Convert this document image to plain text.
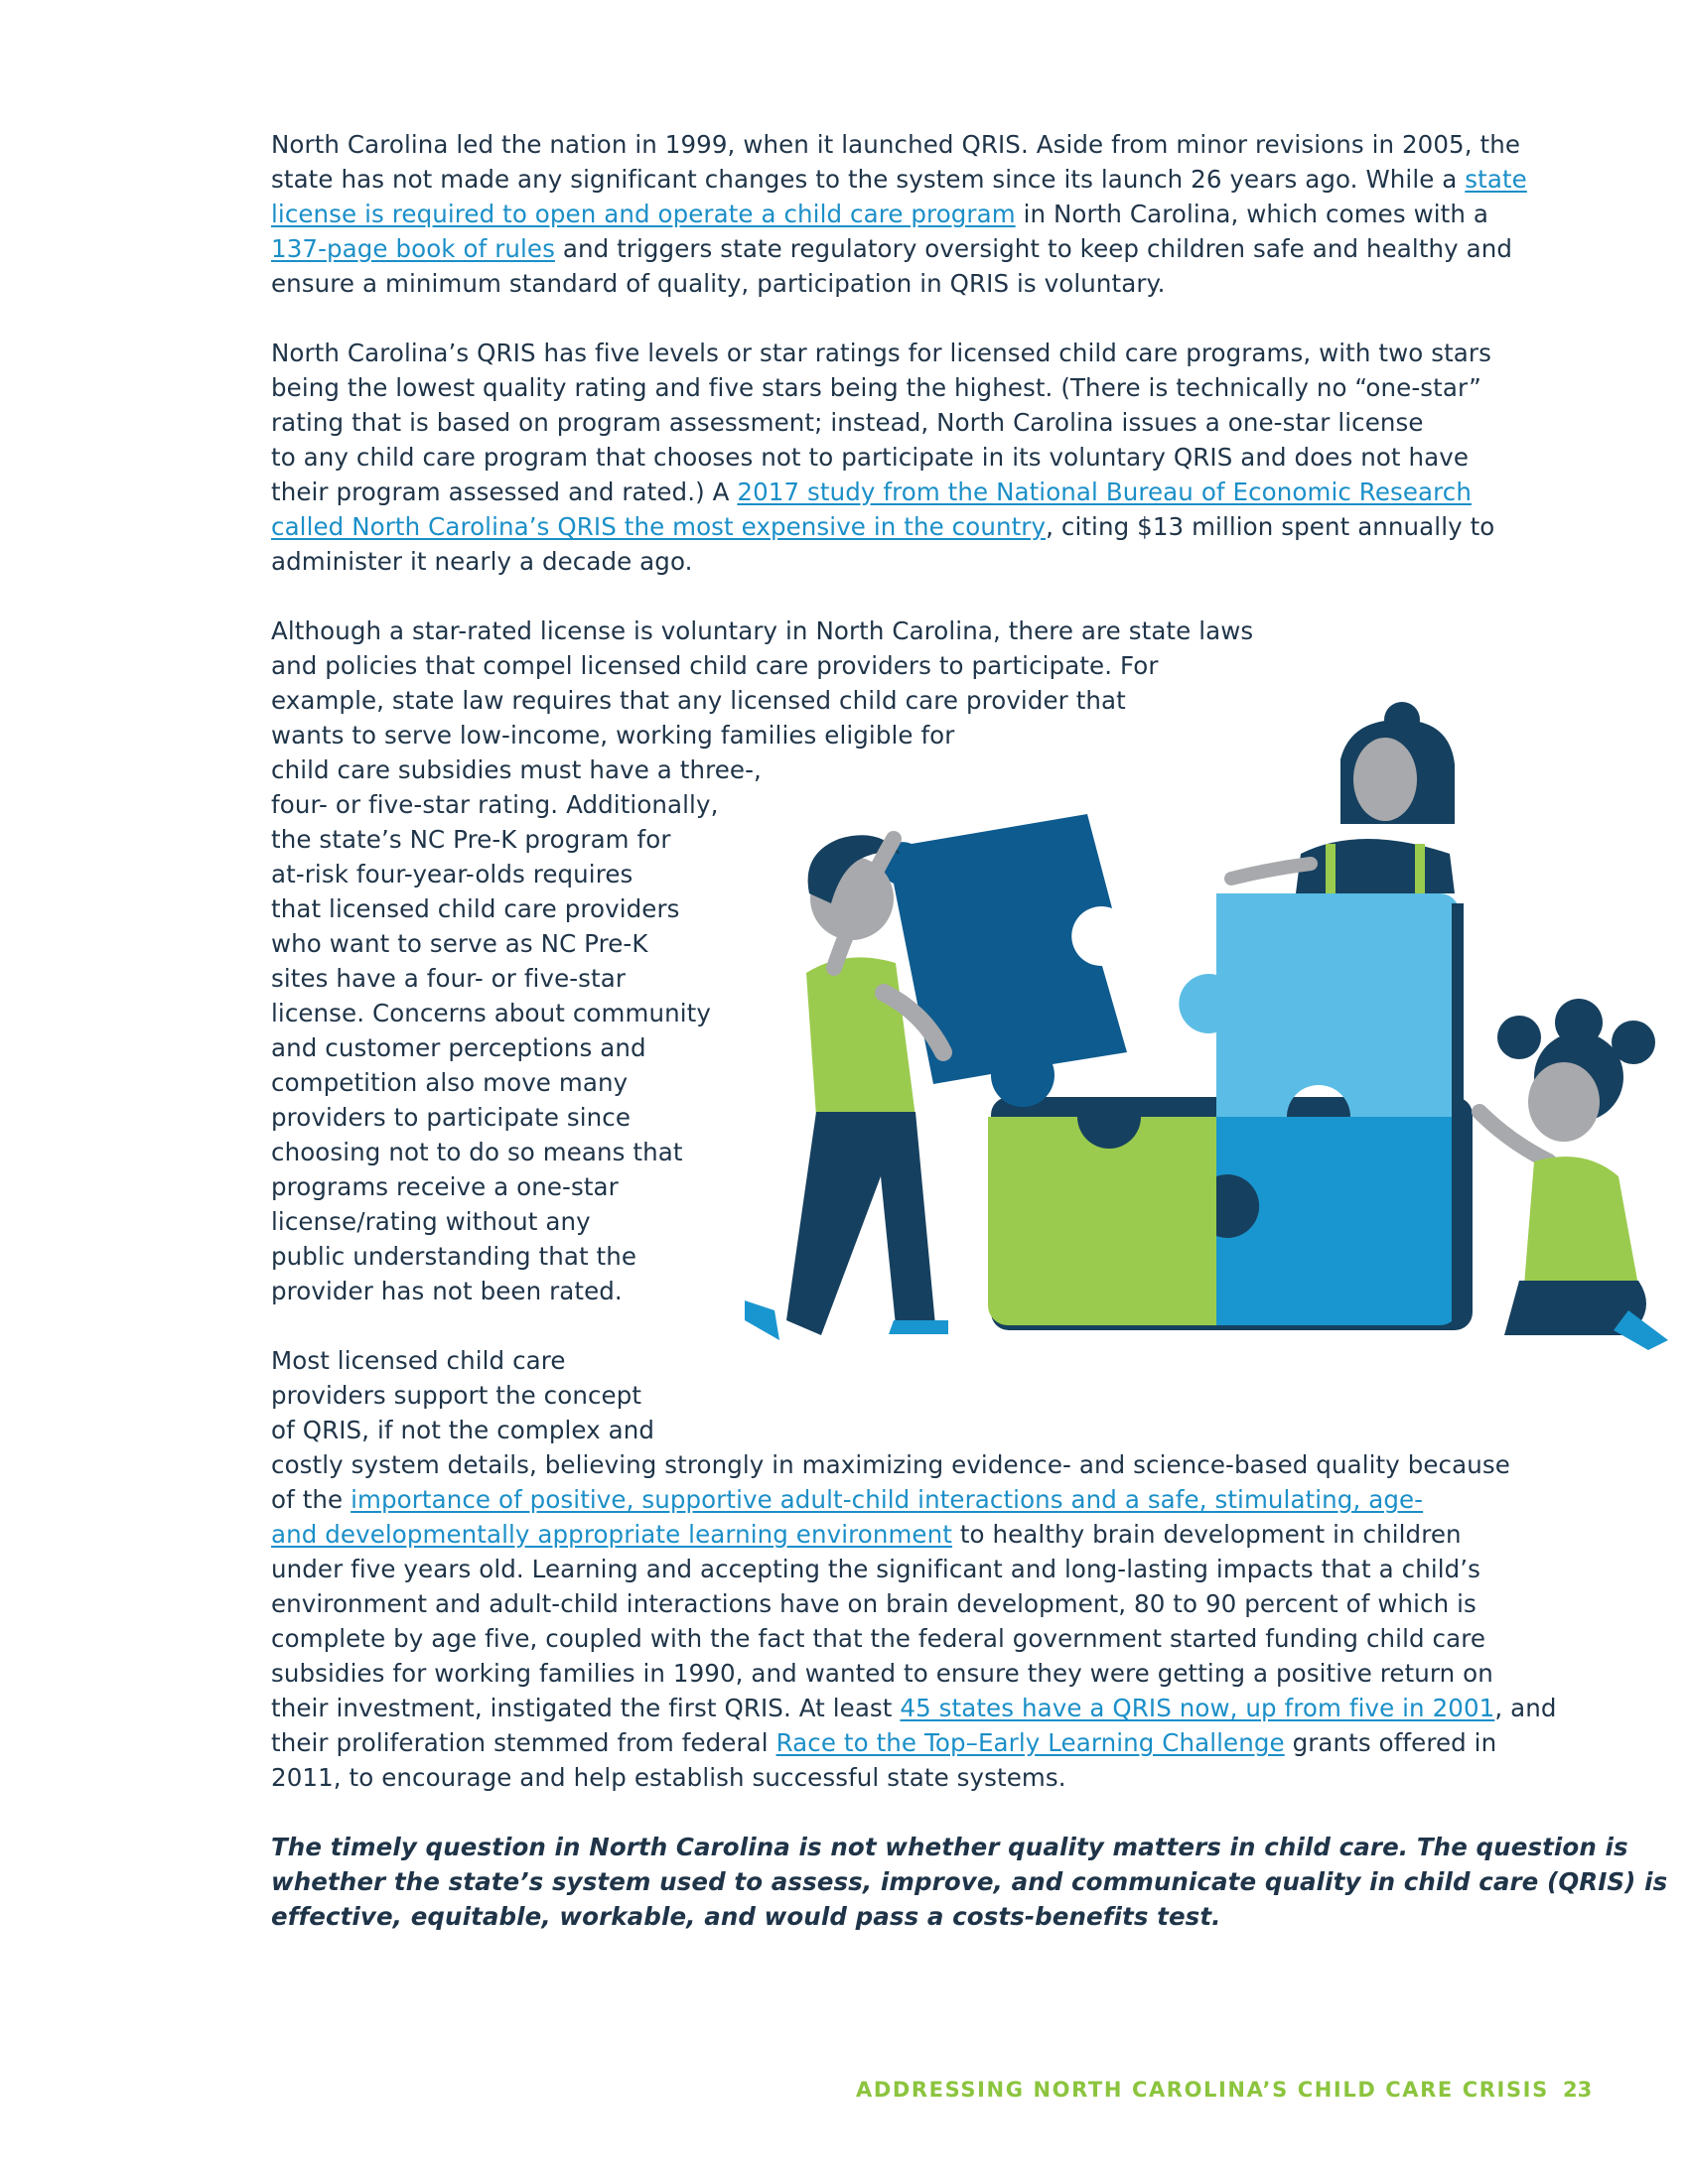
North Carolina led the nation in 1999, when it launched QRIS. Aside from minor revisions in 2005, the
state has not made any significant changes to the system since its launch 26 years ago. While a state
license is required to open and operate a child care program in North Carolina, which comes with a
137-page book of rules and triggers state regulatory oversight to keep children safe and healthy and
ensure a minimum standard of quality, participation in QRIS is voluntary.

North Carolina’s QRIS has five levels or star ratings for licensed child care programs, with two stars
being the lowest quality rating and five stars being the highest. (There is technically no “one-star”
rating that is based on program assessment; instead, North Carolina issues a one-star license
to any child care program that chooses not to participate in its voluntary QRIS and does not have
their program assessed and rated.) A 2017 study from the National Bureau of Economic Research
called North Carolina’s QRIS the most expensive in the country, citing $13 million spent annually to
administer it nearly a decade ago.

Although a star-rated license is voluntary in North Carolina, there are state laws
and policies that compel licensed child care providers to participate. For
example, state law requires that any licensed child care provider that
wants to serve low-income, working families eligible for
child care subsidies must have a three-,
four- or five-star rating. Additionally,
the state’s NC Pre-K program for
at-risk four-year-olds requires
that licensed child care providers
who want to serve as NC Pre-K
sites have a four- or five-star
license. Concerns about community
and customer perceptions and
competition also move many
providers to participate since
choosing not to do so means that
programs receive a one-star
license/rating without any
public understanding that the
provider has not been rated.

Most licensed child care
providers support the concept
of QRIS, if not the complex and
costly system details, believing strongly in maximizing evidence- and science-based quality because
of the importance of positive, supportive adult-child interactions and a safe, stimulating, age-
and developmentally appropriate learning environment to healthy brain development in children
under five years old. Learning and accepting the significant and long-lasting impacts that a child’s
environment and adult-child interactions have on brain development, 80 to 90 percent of which is
complete by age five, coupled with the fact that the federal government started funding child care
subsidies for working families in 1990, and wanted to ensure they were getting a positive return on
their investment, instigated the first QRIS. At least 45 states have a QRIS now, up from five in 2001, and
their proliferation stemmed from federal Race to the Top–Early Learning Challenge grants offered in
2011, to encourage and help establish successful state systems.

The timely question in North Carolina is not whether quality matters in child care. The question is
whether the state’s system used to assess, improve, and communicate quality in child care (QRIS) is
effective, equitable, workable, and would pass a costs-benefits test.

ADDRESSING NORTH CAROLINA’S CHILD CARE CRISIS 23
